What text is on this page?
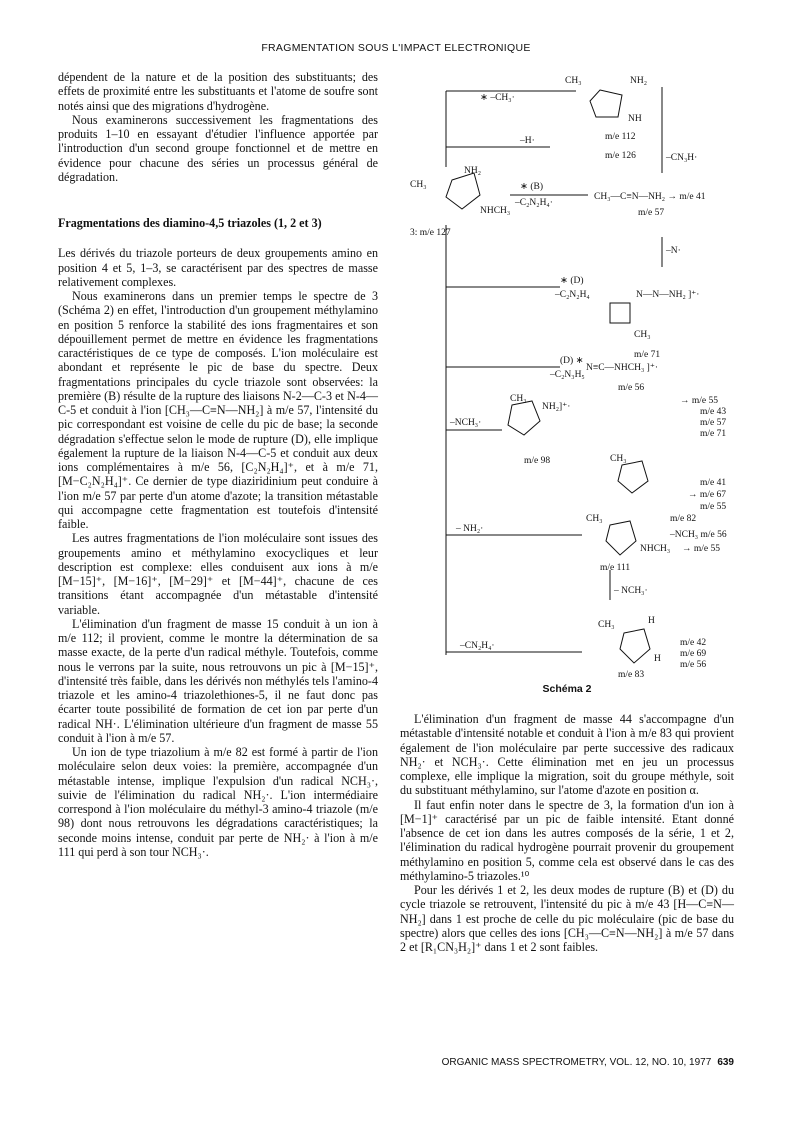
FRAGMENTATION SOUS L'IMPACT ELECTRONIQUE

dépendent de la nature et de la position des substituants; des effets de proximité entre les substituants et l'atome de soufre sont notés ainsi que des migrations d'hydrogène.

Nous examinerons successivement les fragmentations des produits 1–10 en essayant d'étudier l'influence apportée par l'introduction d'un second groupe fonctionnel et de mettre en évidence pour chacune des séries un processus général de dégradation.

Fragmentations des diamino-4,5 triazoles (1, 2 et 3)

Les dérivés du triazole porteurs de deux groupements amino en position 4 et 5, 1–3, se caractérisent par des spectres de masse relativement complexes.

Nous examinerons dans un premier temps le spectre de 3 (Schéma 2) en effet, l'introduction d'un groupement méthylamino en position 5 renforce la stabilité des ions fragmentaires et son dépouillement permet de mettre en évidence les fragmentations caractéristiques de ce type de composés. L'ion moléculaire est abondant et représente le pic de base du spectre. Deux fragmentations principales du cycle triazole sont observées: la première (B) résulte de la rupture des liaisons N-2—C-3 et N-4—C-5 et conduit à l'ion [CH₃—C≡N—NH₂] à m/e 57, l'intensité du pic correspondant est voisine de celle du pic de base; la seconde dégradation s'effectue selon le mode de rupture (D), elle implique également la rupture de la liaison N-4—C-5 et conduit aux deux ions complémentaires à m/e 56, [C₂N₂H₄]⁺, et à m/e 71, [M−C₂N₂H₄]⁺. Ce dernier de type diaziridinium peut conduire à l'ion m/e 57 par perte d'un atome d'azote; la transition métastable qui accompagne cette fragmentation est toutefois d'intensité faible.

Les autres fragmentations de l'ion moléculaire sont issues des groupements amino et méthylamino exocycliques et leur description est complexe: elles conduisent aux ions à m/e [M−15]⁺, [M−16]⁺, [M−29]⁺ et [M−44]⁺, chacune de ces transitions étant accompagnée d'un métastable d'intensité variable.

L'élimination d'un fragment de masse 15 conduit à un ion à m/e 112; il provient, comme le montre la détermination de sa masse exacte, de la perte d'un radical méthyle. Toutefois, comme nous le verrons par la suite, nous retrouvons un pic à [M−15]⁺, d'intensité très faible, dans les dérivés non méthylés tels l'amino-4 triazole et les amino-4 triazolethiones-5, il ne faut donc pas écarter toute possibilité de formation de cet ion par perte d'un radical NH·. L'élimination ultérieure d'un fragment de masse 55 conduit à l'ion à m/e 57.

Un ion de type triazolium à m/e 82 est formé à partir de l'ion moléculaire selon deux voies: la première, accompagnée d'un métastable intense, implique l'expulsion d'un radical NCH₃·, suivie de l'élimination du radical NH₂·. L'ion intermédiaire correspond à l'ion moléculaire du méthyl-3 amino-4 triazole (m/e 98) dont nous retrouvons les dégradations caractéristiques; la seconde moins intense, conduit par perte de NH₂· à l'ion à m/e 111 qui perd à son tour NCH₃·.

CH₃	NH₂
NH
m/e 112
m/e 126
∗ –CH₃·
–H·
–CN₃H·
CH₃
NH₂
NHCH₃
3: m/e 127
∗ (B)
–C₂N₂H₄·
CH₃—C≡N—NH₂ → m/e 41
m/e 57
–N·
∗ (D)
–C₂N₂H₄	N—N—NH₂ ]⁺·
CH₃
m/e 71
(D) ∗
–C₂N₃H₅
N≡C—NHCH₃ ]⁺·
m/e 56
–NCH₃·
CH₃
NH₂]⁺·
→ m/e 55
m/e 43
m/e 57
m/e 71
m/e 98	CH₃
m/e 41
→ m/e 67
m/e 55
CH₃	m/e 82
–NCH₃ m/e 56
NHCH₃ → m/e 55
– NH₂·
m/e 111
– NCH₃·
CH₃	H
H
–CN₂H₄·	m/e 42
m/e 69
m/e 56
m/e 83
Schéma 2

L'élimination d'un fragment de masse 44 s'accompagne d'un métastable d'intensité notable et conduit à l'ion à m/e 83 qui provient également de l'ion moléculaire par perte successive des radicaux NH₂· et NCH₃·. Cette élimination met en jeu un processus complexe, elle implique la migration, soit du groupe méthyle, soit du substituant méthylamino, sur l'atome d'azote en position α.

Il faut enfin noter dans le spectre de 3, la formation d'un ion à [M−1]⁺ caractérisé par un pic de faible intensité. Etant donné l'absence de cet ion dans les autres composés de la série, 1 et 2, l'élimination du radical hydrogène pourrait provenir du groupement méthylamino en position 5, comme cela est observé dans le cas des méthylamino-5 triazoles.¹⁰

Pour les dérivés 1 et 2, les deux modes de rupture (B) et (D) du cycle triazole se retrouvent, l'intensité du pic à m/e 43 [H—C≡N—NH₂] dans 1 est proche de celle du pic moléculaire (pic de base du spectre) alors que celles des ions [CH₃—C≡N—NH₂] à m/e 57 dans 2 et [R₁CN₃H₂]⁺ dans 1 et 2 sont faibles.

ORGANIC MASS SPECTROMETRY, VOL. 12, NO. 10, 1977 639
